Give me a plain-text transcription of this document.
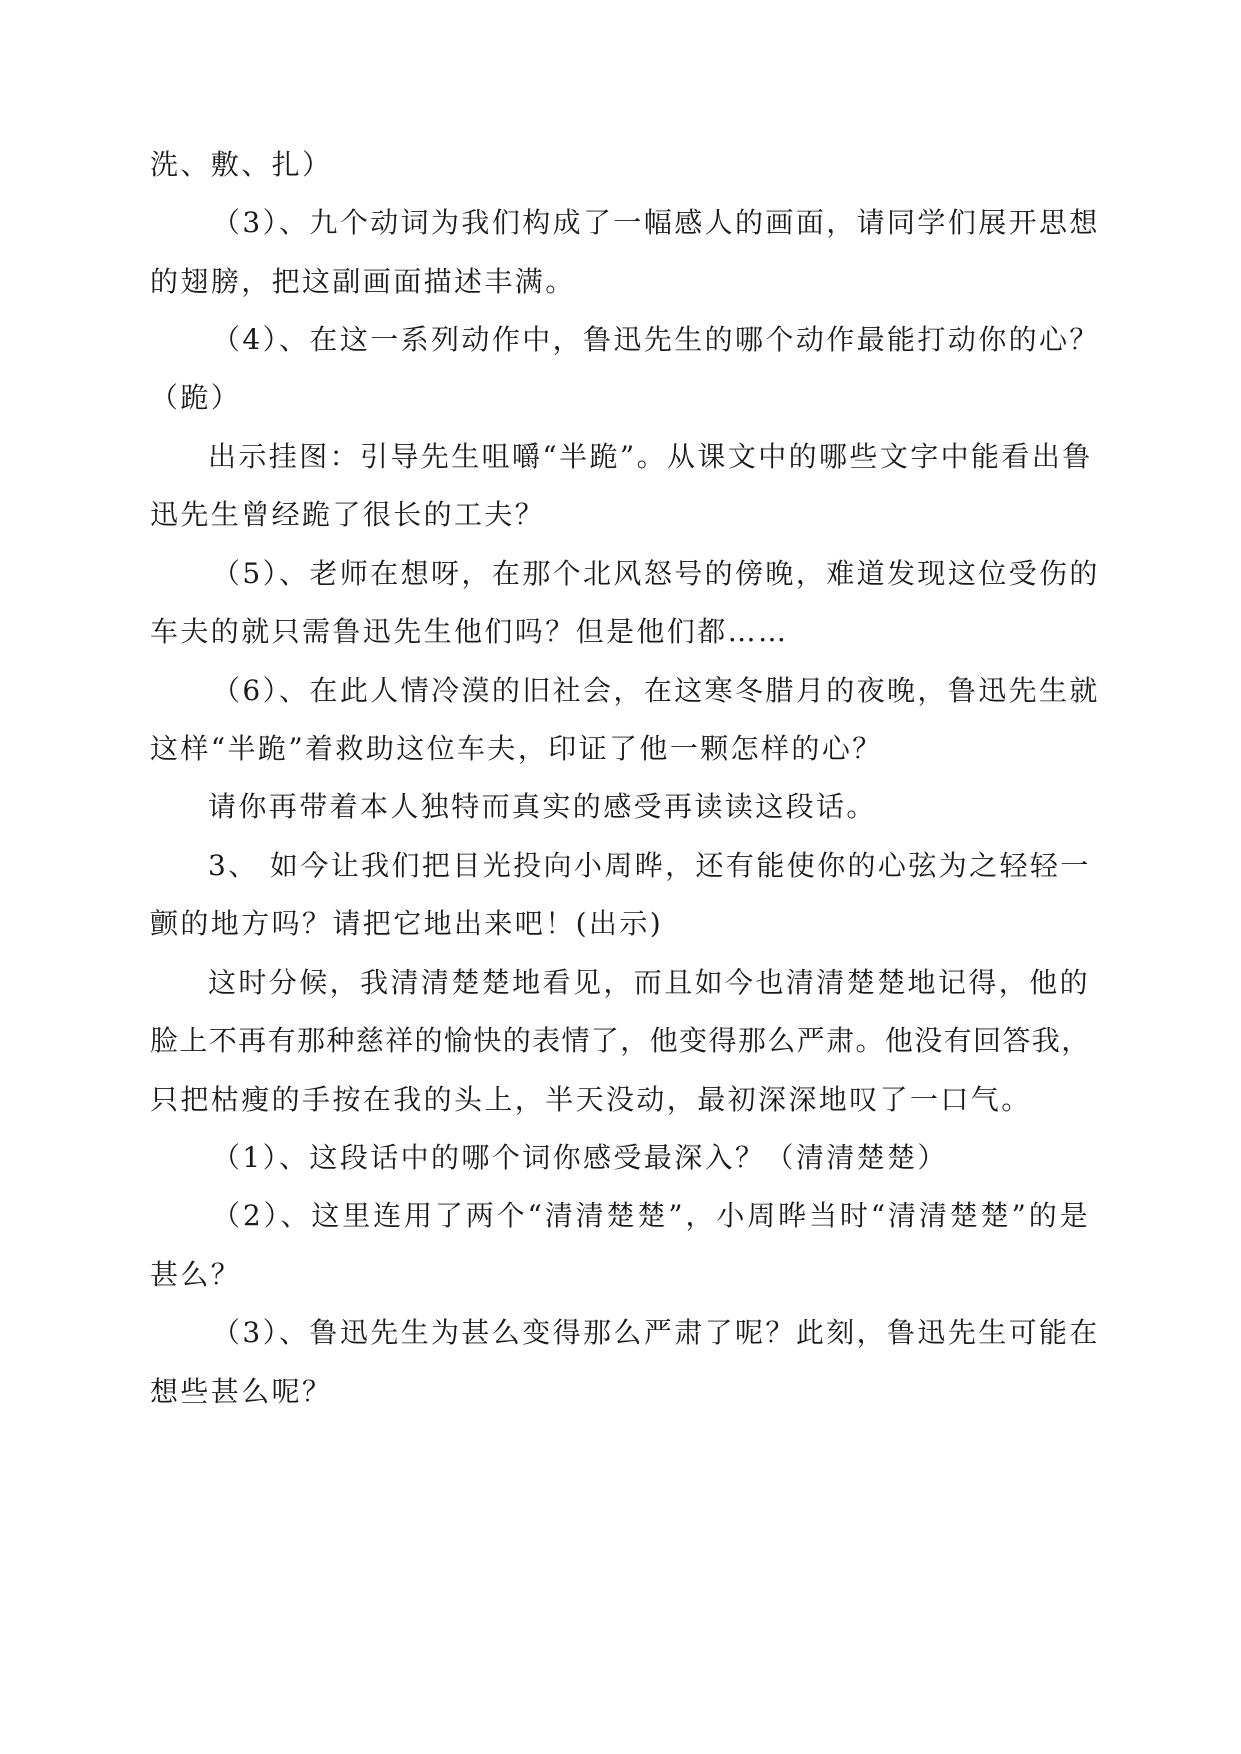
洗、敷、扎）
（3）、九个动词为我们构成了一幅感人的画面，请同学们展开思想
的翅膀，把这副画面描述丰满。
（4）、在这一系列动作中，鲁迅先生的哪个动作最能打动你的心？
（跪）
出示挂图：引导先生咀嚼“半跪”。从课文中的哪些文字中能看出鲁
迅先生曾经跪了很长的工夫？
（5）、老师在想呀，在那个北风怒号的傍晚，难道发现这位受伤的
车夫的就只需鲁迅先生他们吗？但是他们都……
（6）、在此人情冷漠的旧社会，在这寒冬腊月的夜晚，鲁迅先生就
这样“半跪”着救助这位车夫，印证了他一颗怎样的心？
请你再带着本人独特而真实的感受再读读这段话。
3、 如今让我们把目光投向小周晔，还有能使你的心弦为之轻轻一
颤的地方吗？请把它地出来吧！(出示)
这时分候，我清清楚楚地看见，而且如今也清清楚楚地记得，他的
脸上不再有那种慈祥的愉快的表情了，他变得那么严肃。他没有回答我，
只把枯瘦的手按在我的头上，半天没动，最初深深地叹了一口气。
（1）、这段话中的哪个词你感受最深入？（清清楚楚）
（2）、这里连用了两个“清清楚楚”，小周晔当时“清清楚楚”的是
甚么？
（3）、鲁迅先生为甚么变得那么严肃了呢？此刻，鲁迅先生可能在
想些甚么呢？
